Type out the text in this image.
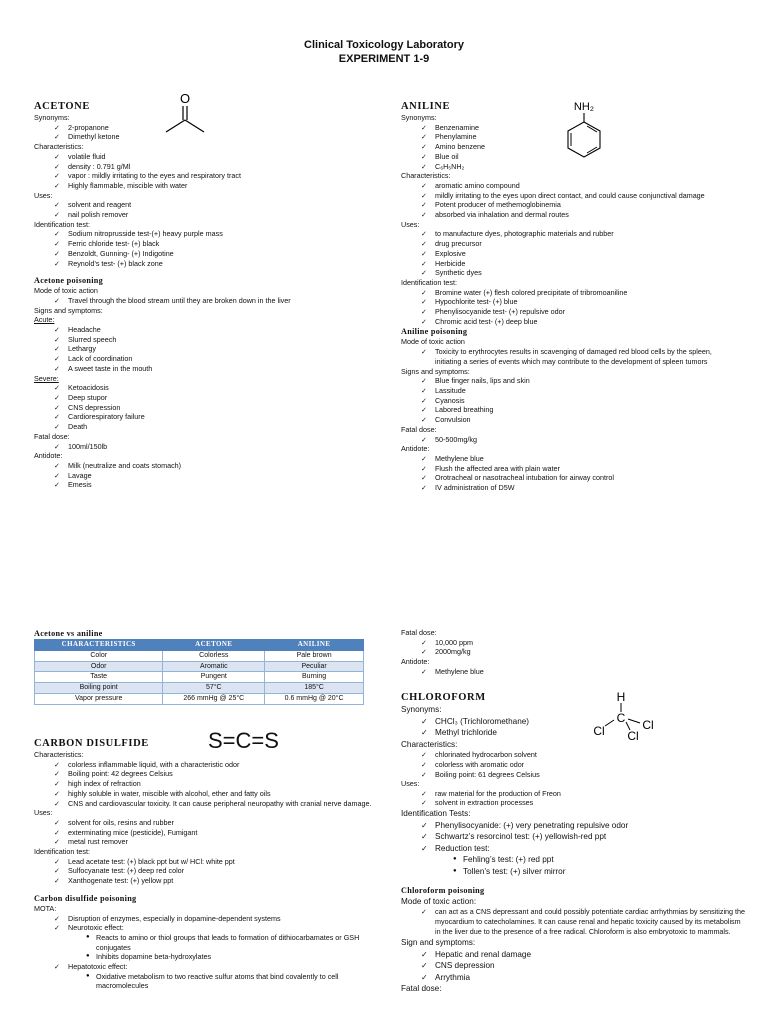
Clinical Toxicology Laboratory
EXPERIMENT 1-9
ACETONE
Synonyms:
✓ 2-propanone
✓ Dimethyl ketone
Characteristics:
✓ volatile fluid
✓ density : 0.791 g/Ml
✓ vapor : mildly irritating to the eyes and respiratory tract
✓ Highly flammable, miscible with water
Uses:
✓ solvent and reagent
✓ nail polish remover
Identification test:
✓ Sodium nitroprusside test-(+) heavy purple mass
✓ Ferric chloride test- (+) black
✓ Benzoldt, Gunning- (+) Indigotine
✓ Reynold’s test- (+) black zone
Acetone poisoning
Mode of toxic action
✓ Travel through the blood stream until they are broken down in the liver
Signs and symptoms:
Acute:
✓ Headache
✓ Slurred speech
✓ Lethargy
✓ Lack of coordination
✓ A sweet taste in the mouth
Severe:
✓ Ketoacidosis
✓ Deep stupor
✓ CNS depression
✓ Cardiorespiratory failure
✓ Death
Fatal dose:
✓ 100ml/150lb
Antidote:
✓ Milk (neutralize and coats stomach)
✓ Lavage
✓ Emesis
O
ANILINE
Synonyms:
✓ Benzenamine
✓ Phenylamine
✓ Amino benzene
✓ Blue oil
✓ C₆H₅NH₂
Characteristics:
✓ aromatic amino compound
✓ mildly irritating to the eyes upon direct contact, and could cause conjunctival damage
✓ Potent producer of methemoglobinemia
✓ absorbed via inhalation and dermal routes
Uses:
✓ to manufacture dyes, photographic materials and rubber
✓ drug precursor
✓ Explosive
✓ Herbicide
✓ Synthetic dyes
Identification test:
✓ Bromine water (+) flesh colored precipitate of tribromoaniline
✓ Hypochlorite test- (+) blue
✓ Phenylisocyanide test- (+) repulsive odor
✓ Chromic acid test- (+) deep blue
Aniline poisoning
Mode of toxic action
✓ Toxicity to erythrocytes results in scavenging of damaged red blood cells by the spleen, initiating a series of events which may contribute to the development of spleen tumors
Signs and symptoms:
✓ Blue finger nails, lips and skin
✓ Lassitude
✓ Cyanosis
✓ Labored breathing
✓ Convulsion
Fatal dose:
✓ 50-500mg/kg
Antidote:
✓ Methylene blue
✓ Flush the affected area with plain water
✓ Orotracheal or nasotracheal intubation for airway control
✓ IV administration of D5W
NH₂
Acetone vs aniline
CHARACTERISTICS	ACETONE	ANILINE
Color	Colorless	Pale brown
Odor	Aromatic	Peculiar
Taste	Pungent	Burning
Boiling point	57°C	185°C
Vapor pressure	266 mmHg @ 25°C	0.6 mmHg @ 20°C
CARBON DISULFIDE
Characteristics:
✓ colorless inflammable liquid, with a characteristic odor
✓ Boiling point: 42 degrees Celsius
✓ high index of refraction
✓ highly soluble in water, miscible with alcohol, ether and fatty oils
✓ CNS and cardiovascular toxicity. It can cause peripheral neuropathy with cranial nerve damage.
Uses:
✓ solvent for oils, resins and rubber
✓ exterminating mice (pesticide), Fumigant
✓ metal rust remover
Identification test:
✓ Lead acetate test: (+) black ppt but w/ HCl: white ppt
✓ Sulfocyanate test: (+) deep red color
✓ Xanthogenate test: (+) yellow ppt
Carbon disulfide poisoning
MOTA:
✓ Disruption of enzymes, especially in dopamine-dependent systems
✓ Neurotoxic effect:
● Reacts to amino or thiol groups that leads to formation of dithiocarbamates or GSH conjugates
● Inhibits dopamine beta-hydroxylates
✓ Hepatotoxic effect:
● Oxidative metabolism to two reactive sulfur atoms that bind covalently to cell macromolecules
S=C=S
Fatal dose:
✓ 10,000 ppm
✓ 2000mg/kg
Antidote:
✓ Methylene blue
CHLOROFORM
Synonyms:
✓ CHCl₃ (Trichloromethane)
✓ Methyl trichloride
Characteristics:
✓ chlorinated hydrocarbon solvent
✓ colorless with aromatic odor
✓ Boiling point: 61 degrees Celsius
Uses:
✓ raw material for the production of Freon
✓ solvent in extraction processes
Identification Tests:
✓ Phenylisocyanide: (+) very penetrating repulsive odor
✓ Schwartz’s resorcinol test: (+) yellowish-red ppt
✓ Reduction test:
● Fehling’s test: (+) red ppt
● Tollen’s test: (+) silver mirror
Chloroform poisoning
Mode of toxic action:
✓ can act as a CNS depressant and could possibly potentiate cardiac arrhythmias by sensitizing the myocardium to catecholamines. It can cause renal and hepatic toxicity caused by its metabolism in the liver due to the presence of a free radical. Chloroform is also embryotoxic to mammals.
Sign and symptoms:
✓ Hepatic and renal damage
✓ CNS depression
✓ Arrythmia
Fatal dose:
H
C
Cl	Cl
Cl
